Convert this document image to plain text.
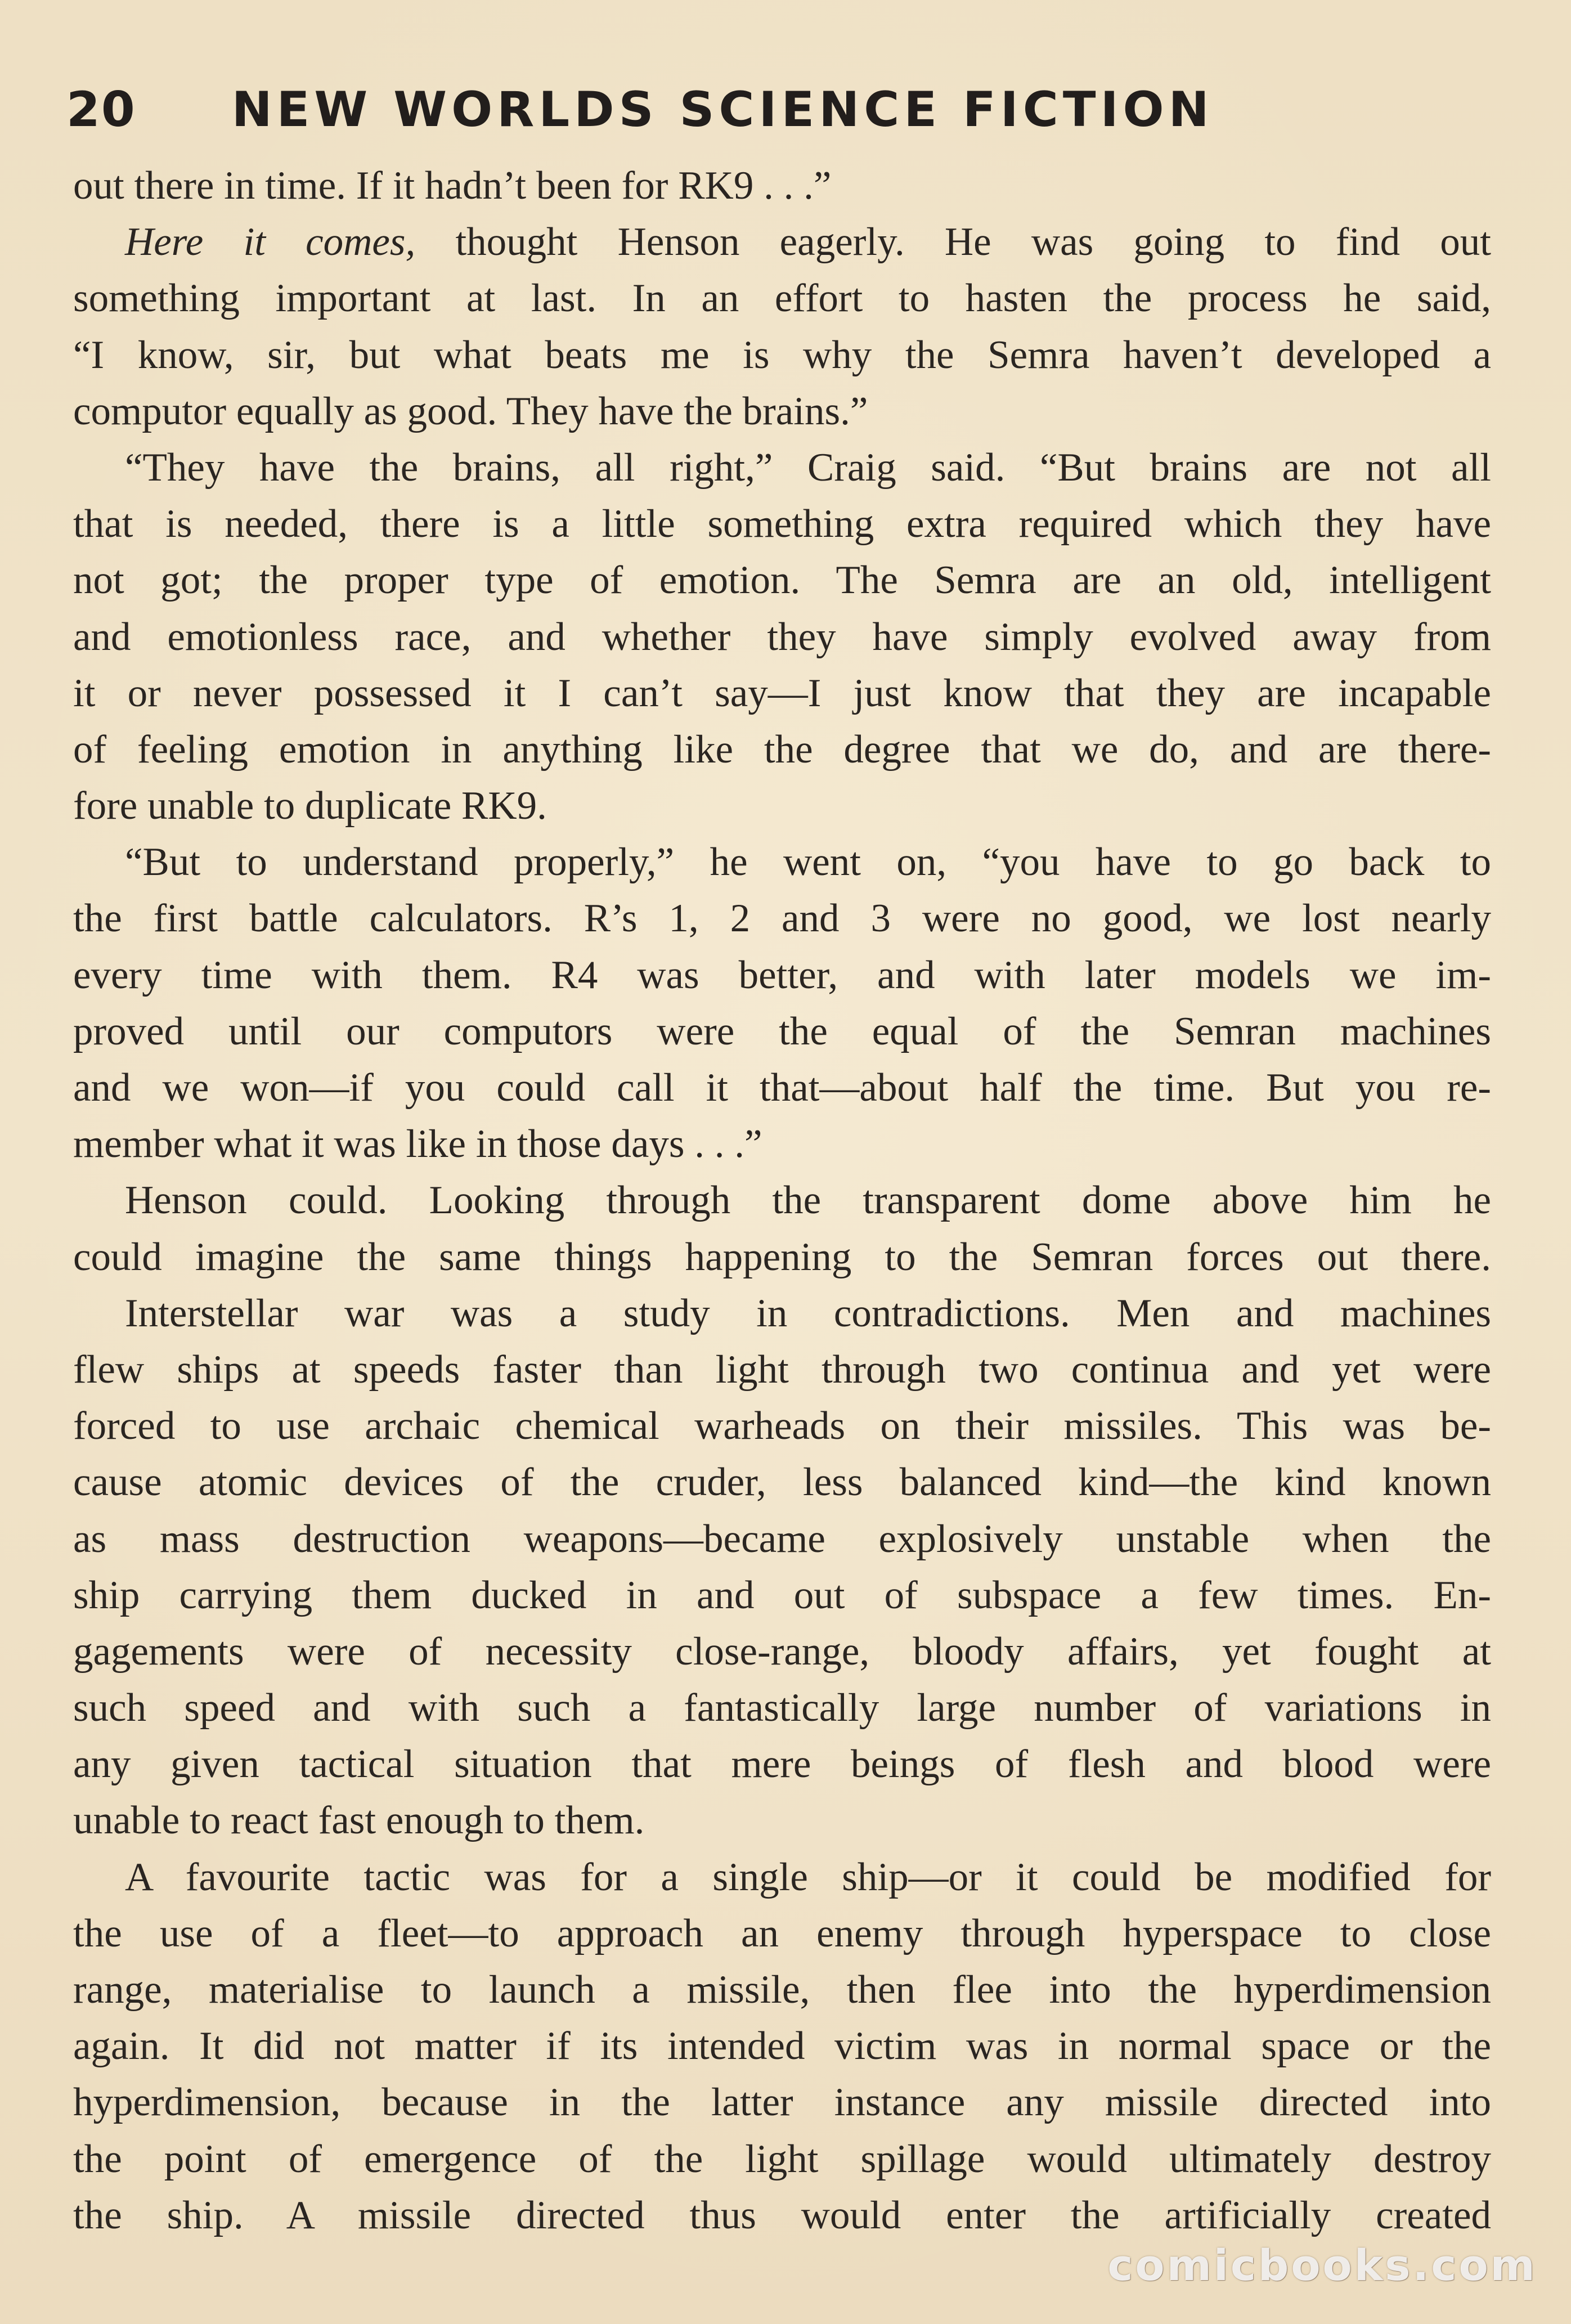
20 NEW WORLDS SCIENCE FICTION
out there in time. If it hadn’t been for RK9 . . .”
Here it comes, thought Henson eagerly. He was going to find out
something important at last. In an effort to hasten the process he said,
“I know, sir, but what beats me is why the Semra haven’t developed a
computor equally as good. They have the brains.”
“They have the brains, all right,” Craig said. “But brains are not all
that is needed, there is a little something extra required which they have
not got; the proper type of emotion. The Semra are an old, intelligent
and emotionless race, and whether they have simply evolved away from
it or never possessed it I can’t say—I just know that they are incapable
of feeling emotion in anything like the degree that we do, and are there-
fore unable to duplicate RK9.
“But to understand properly,” he went on, “you have to go back to
the first battle calculators. R’s 1, 2 and 3 were no good, we lost nearly
every time with them. R4 was better, and with later models we im-
proved until our computors were the equal of the Semran machines
and we won—if you could call it that—about half the time. But you re-
member what it was like in those days . . .”
Henson could. Looking through the transparent dome above him he
could imagine the same things happening to the Semran forces out there.
Interstellar war was a study in contradictions. Men and machines
flew ships at speeds faster than light through two continua and yet were
forced to use archaic chemical warheads on their missiles. This was be-
cause atomic devices of the cruder, less balanced kind—the kind known
as mass destruction weapons—became explosively unstable when the
ship carrying them ducked in and out of subspace a few times. En-
gagements were of necessity close-range, bloody affairs, yet fought at
such speed and with such a fantastically large number of variations in
any given tactical situation that mere beings of flesh and blood were
unable to react fast enough to them.
A favourite tactic was for a single ship—or it could be modified for
the use of a fleet—to approach an enemy through hyperspace to close
range, materialise to launch a missile, then flee into the hyperdimension
again. It did not matter if its intended victim was in normal space or the
hyperdimension, because in the latter instance any missile directed into
the point of emergence of the light spillage would ultimately destroy
the ship. A missile directed thus would enter the artificially created
comicbooks.com
